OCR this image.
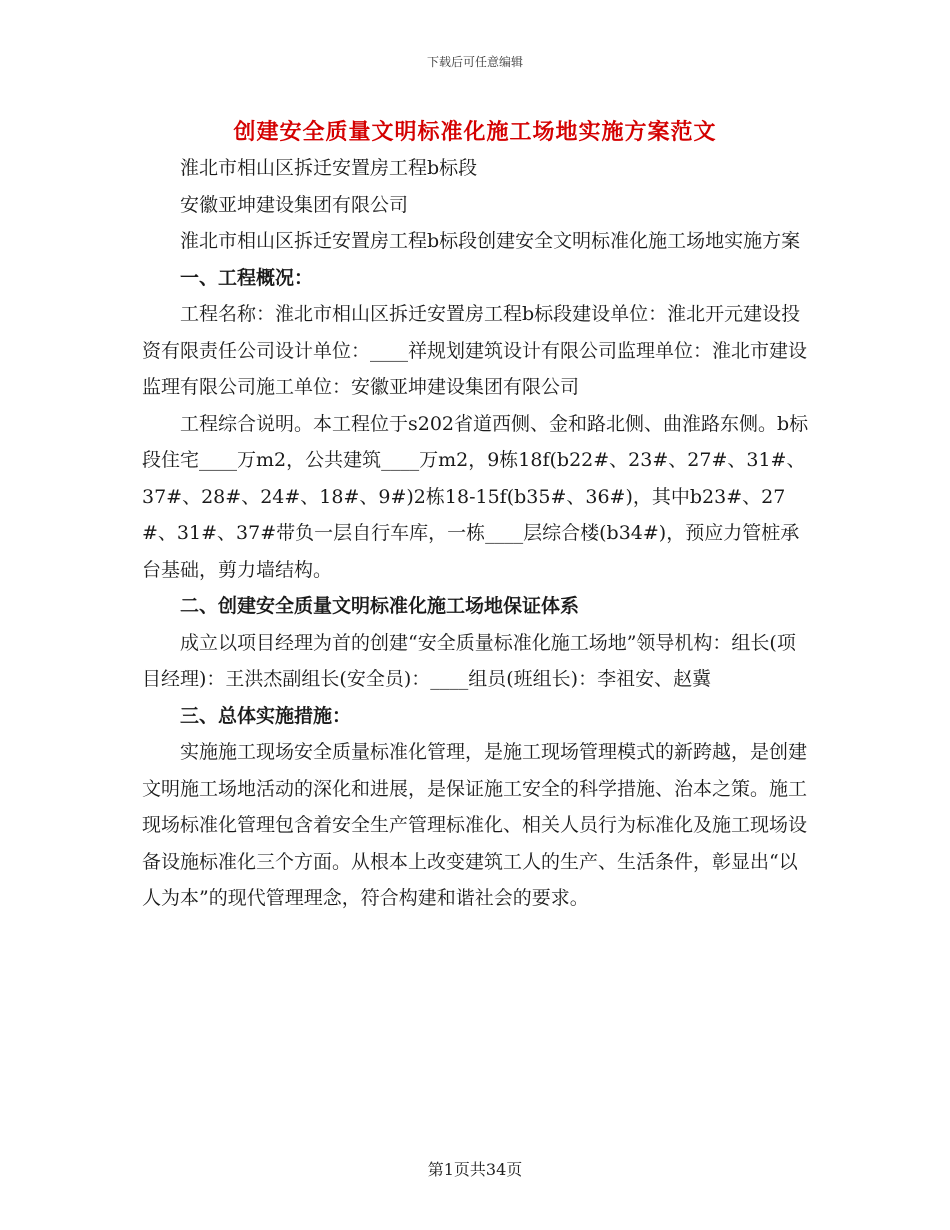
下载后可任意编辑
创建安全质量文明标准化施工场地实施方案范文

淮北市相山区拆迁安置房工程b标段

安徽亚坤建设集团有限公司

淮北市相山区拆迁安置房工程b标段创建安全文明标准化施工场地实施方案

一、工程概况：

工程名称：淮北市相山区拆迁安置房工程b标段建设单位：淮北开元建设投资有限责任公司设计单位：____祥规划建筑设计有限公司监理单位：淮北市建设监理有限公司施工单位：安徽亚坤建设集团有限公司

工程综合说明。本工程位于s202省道西侧、金和路北侧、曲淮路东侧。b标段住宅____万m2，公共建筑____万m2，9栋18f(b22#、23#、27#、31#、37#、28#、24#、18#、9#)2栋18-15f(b35#、36#)，其中b23#、27#、31#、37#带负一层自行车库，一栋____层综合楼(b34#)，预应力管桩承台基础，剪力墙结构。

二、创建安全质量文明标准化施工场地保证体系

成立以项目经理为首的创建“安全质量标准化施工场地”领导机构：组长(项目经理)：王洪杰副组长(安全员)：____组员(班组长)：李祖安、赵冀

三、总体实施措施：

实施施工现场安全质量标准化管理，是施工现场管理模式的新跨越，是创建文明施工场地活动的深化和进展，是保证施工安全的科学措施、治本之策。施工现场标准化管理包含着安全生产管理标准化、相关人员行为标准化及施工现场设备设施标准化三个方面。从根本上改变建筑工人的生产、生活条件，彰显出“以人为本”的现代管理理念，符合构建和谐社会的要求。

第1页共34页
